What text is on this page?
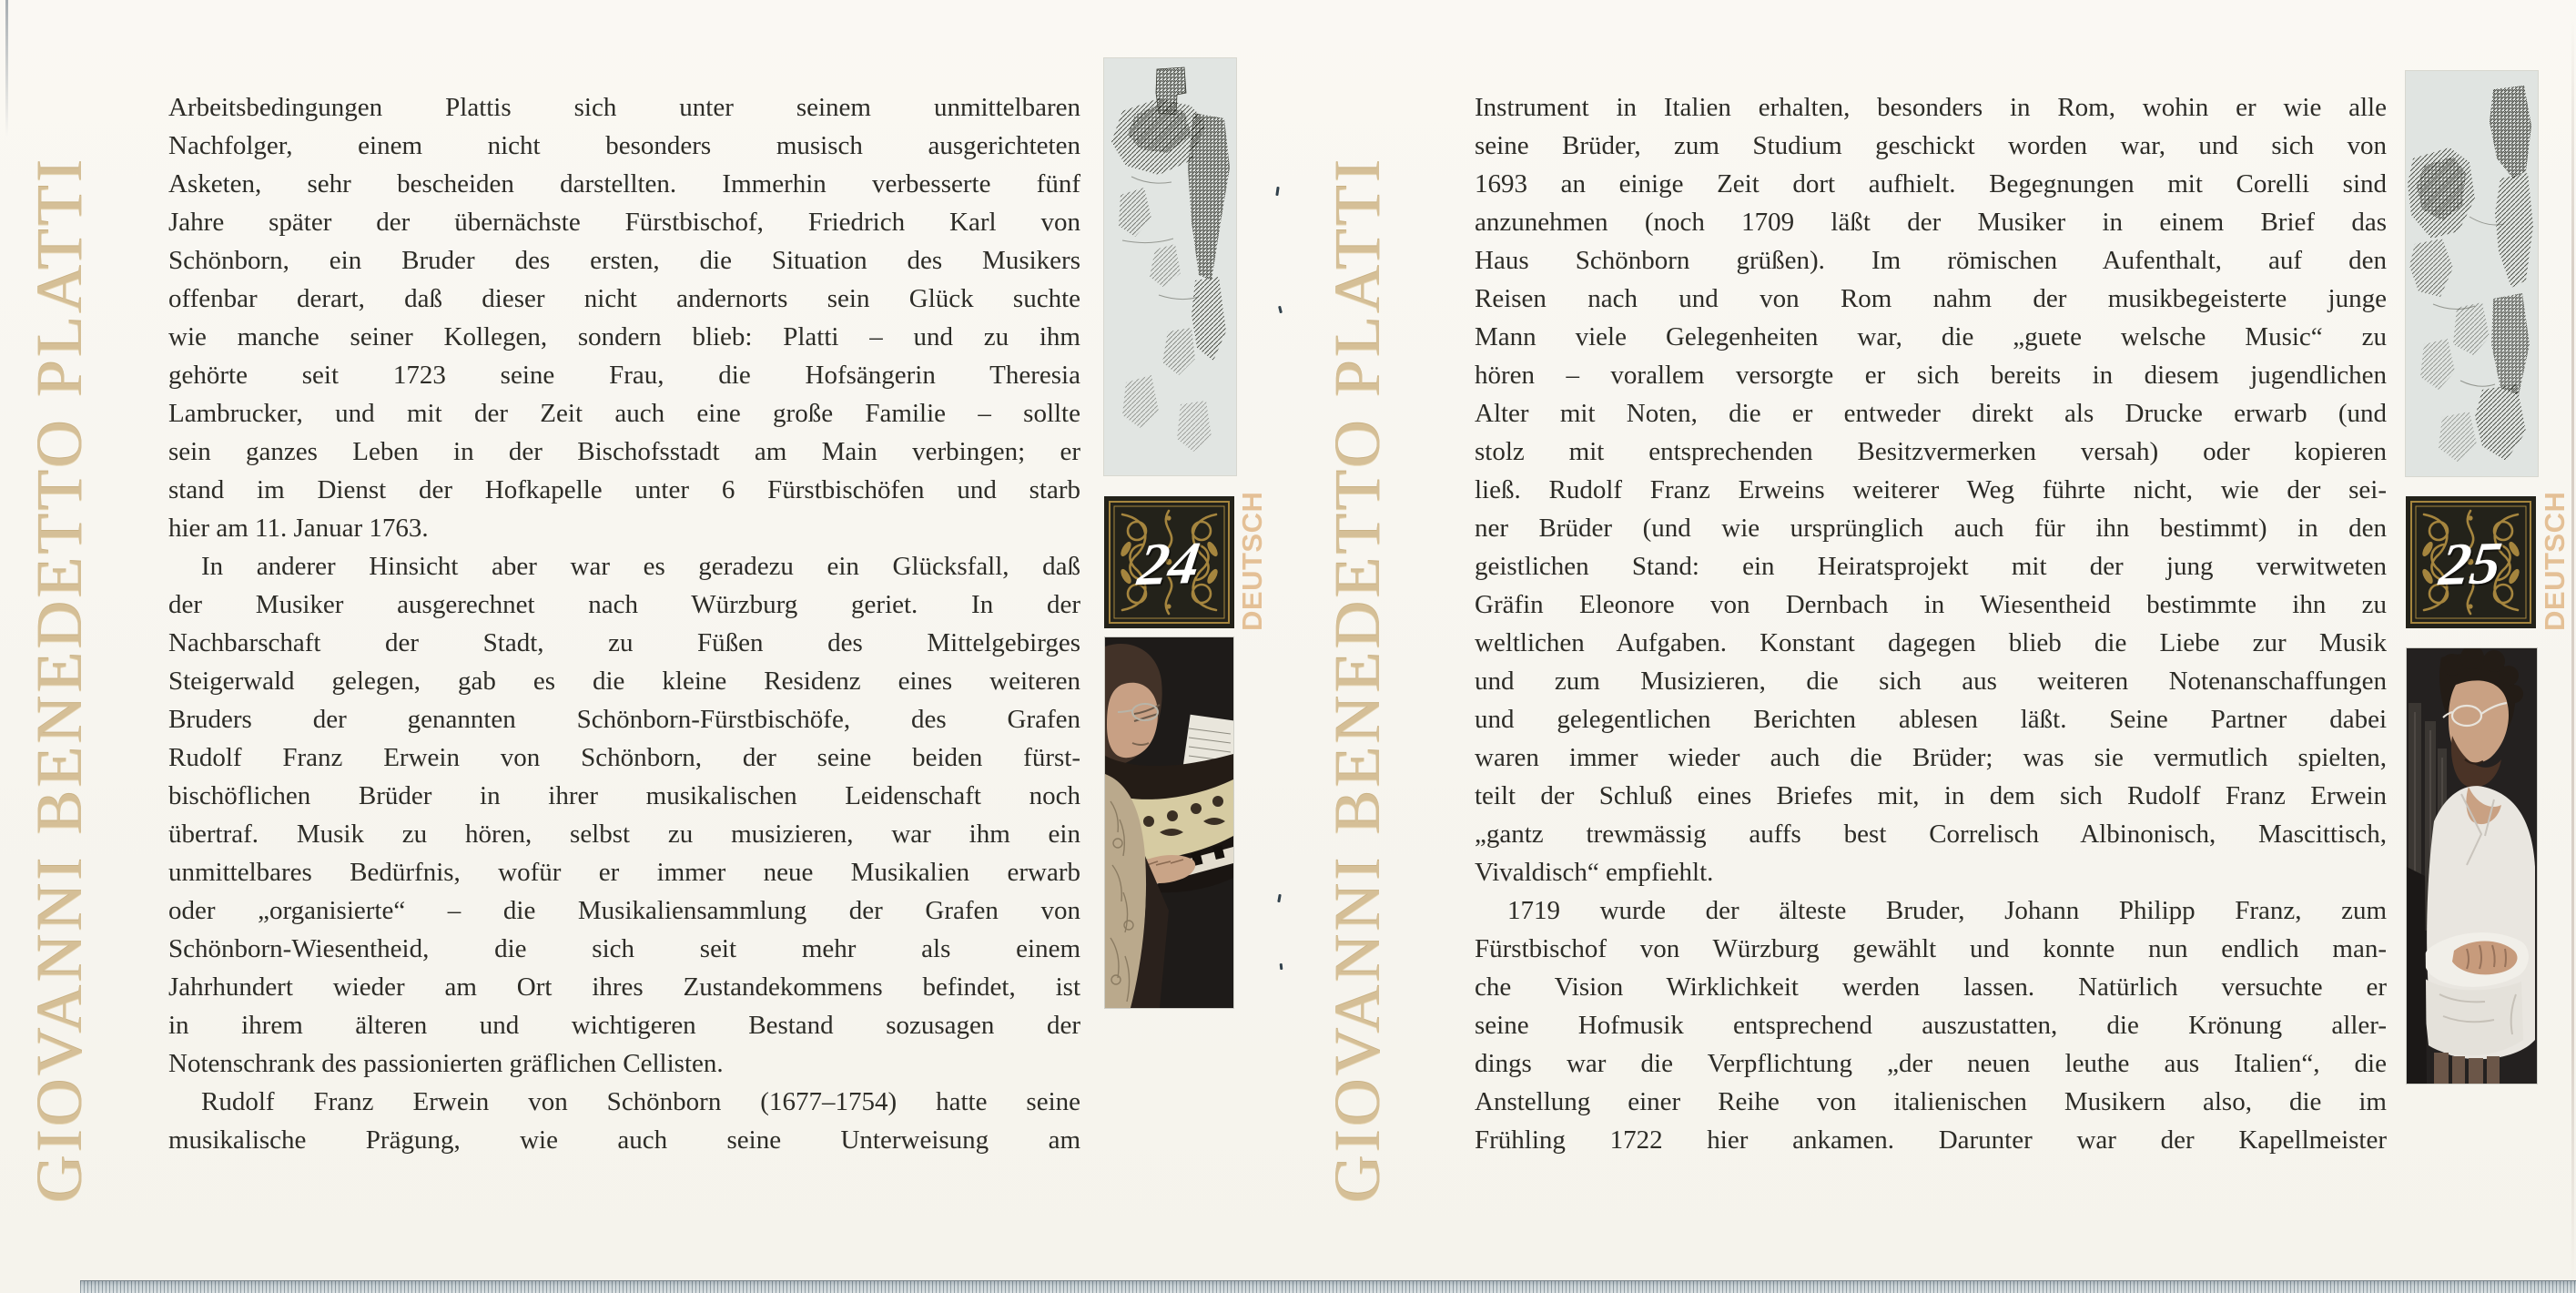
GIOVANNI BENEDETTO PLATTI
Arbeitsbedingungen Plattis sich unter seinem unmittelbaren
Nachfolger, einem nicht besonders musisch ausgerichteten
Asketen, sehr bescheiden darstellten. Immerhin verbesserte fünf
Jahre später der übernächste Fürstbischof, Friedrich Karl von
Schönborn, ein Bruder des ersten, die Situation des Musikers
offenbar derart, daß dieser nicht andernorts sein Glück suchte
wie manche seiner Kollegen, sondern blieb: Platti – und zu ihm
gehörte seit 1723 seine Frau, die Hofsängerin Theresia
Lambrucker, und mit der Zeit auch eine große Familie – sollte
sein ganzes Leben in der Bischofsstadt am Main verbingen; er
stand im Dienst der Hofkapelle unter 6 Fürstbischöfen und starb
hier am 11. Januar 1763.
In anderer Hinsicht aber war es geradezu ein Glücksfall, daß
der Musiker ausgerechnet nach Würzburg geriet. In der
Nachbarschaft der Stadt, zu Füßen des Mittelgebirges
Steigerwald gelegen, gab es die kleine Residenz eines weiteren
Bruders der genannten Schönborn-Fürstbischöfe, des Grafen
Rudolf Franz Erwein von Schönborn, der seine beiden fürst-
bischöflichen Brüder in ihrer musikalischen Leidenschaft noch
übertraf. Musik zu hören, selbst zu musizieren, war ihm ein
unmittelbares Bedürfnis, wofür er immer neue Musikalien erwarb
oder „organisierte“ – die Musikaliensammlung der Grafen von
Schönborn-Wiesentheid, die sich seit mehr als einem
Jahrhundert wieder am Ort ihres Zustandekommens befindet, ist
in ihrem älteren und wichtigeren Bestand sozusagen der
Notenschrank des passionierten gräflichen Cellisten.
Rudolf Franz Erwein von Schönborn (1677–1754) hatte seine
musikalische Prägung, wie auch seine Unterweisung am
24	DEUTSCH GIOVANNI BENEDETTO PLATTI
Instrument in Italien erhalten, besonders in Rom, wohin er wie alle
seine Brüder, zum Studium geschickt worden war, und sich von
1693 an einige Zeit dort aufhielt. Begegnungen mit Corelli sind
anzunehmen (noch 1709 läßt der Musiker in einem Brief das
Haus Schönborn grüßen). Im römischen Aufenthalt, auf den
Reisen nach und von Rom nahm der musikbegeisterte junge
Mann viele Gelegenheiten war, die „guete welsche Music“ zu
hören – vorallem versorgte er sich bereits in diesem jugendlichen
Alter mit Noten, die er entweder direkt als Drucke erwarb (und
stolz mit entsprechenden Besitzvermerken versah) oder kopieren
ließ. Rudolf Franz Erweins weiterer Weg führte nicht, wie der sei-
ner Brüder (und wie ursprünglich auch für ihn bestimmt) in den
geistlichen Stand: ein Heiratsprojekt mit der jung verwitweten
Gräfin Eleonore von Dernbach in Wiesentheid bestimmte ihn zu
weltlichen Aufgaben. Konstant dagegen blieb die Liebe zur Musik
und zum Musizieren, die sich aus weiteren Notenanschaffungen
und gelegentlichen Berichten ablesen läßt. Seine Partner dabei
waren immer wieder auch die Brüder; was sie vermutlich spielten,
teilt der Schluß eines Briefes mit, in dem sich Rudolf Franz Erwein
„gantz trewmässig auffs best Correlisch Albinonisch, Mascittisch,
Vivaldisch“ empfiehlt.
1719 wurde der älteste Bruder, Johann Philipp Franz, zum
Fürstbischof von Würzburg gewählt und konnte nun endlich man-
che Vision Wirklichkeit werden lassen. Natürlich versuchte er
seine Hofmusik entsprechend auszustatten, die Krönung aller-
dings war die Verpflichtung „der neuen leuthe aus Italien“, die
Anstellung einer Reihe von italienischen Musikern also, die im
Frühling 1722 hier ankamen. Darunter war der Kapellmeister
25	DEUTSCH
